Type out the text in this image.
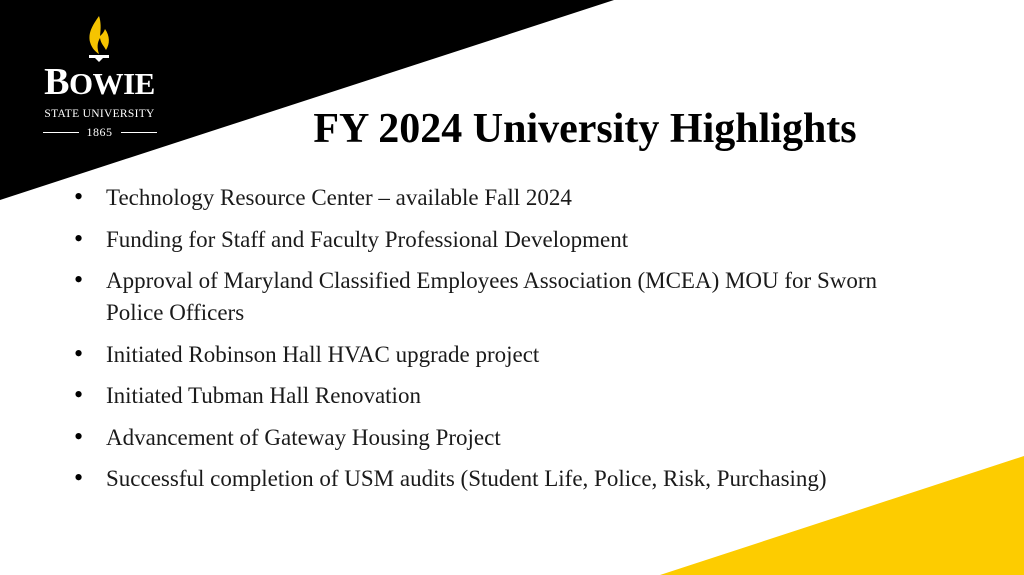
BOWIE
STATE UNIVERSITY
1865	FY 2024 University Highlights
• Technology Resource Center – available Fall 2024
• Funding for Staff and Faculty Professional Development
• Approval of Maryland Classified Employees Association (MCEA) MOU for Sworn Police Officers
• Initiated Robinson Hall HVAC upgrade project
• Initiated Tubman Hall Renovation
• Advancement of Gateway Housing Project
• Successful completion of USM audits (Student Life, Police, Risk, Purchasing)
